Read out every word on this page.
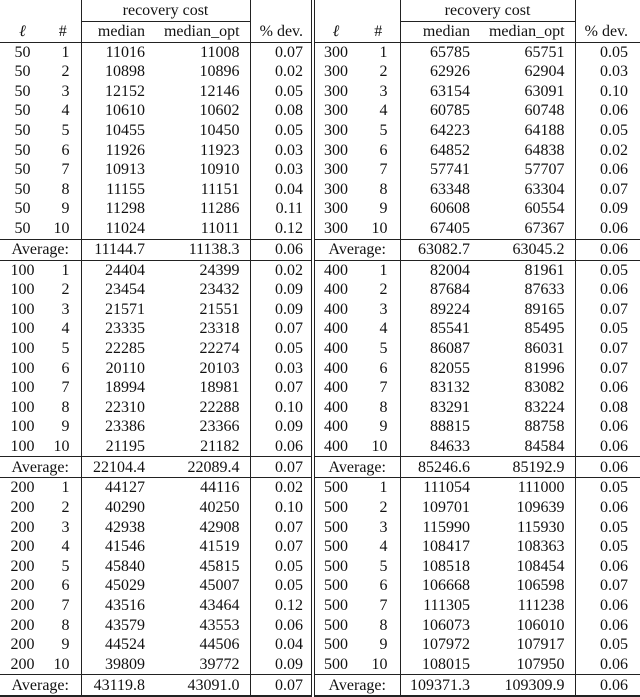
		recovery cost					recovery cost		
ℓ	#	median	median_opt	% dev.	ℓ	#	median	median_opt	% dev.
50	1	11016	11008	0.07	300	1	65785	65751	0.05
50	2	10898	10896	0.02	300	2	62926	62904	0.03
50	3	12152	12146	0.05	300	3	63154	63091	0.10
50	4	10610	10602	0.08	300	4	60785	60748	0.06
50	5	10455	10450	0.05	300	5	64223	64188	0.05
50	6	11926	11923	0.03	300	6	64852	64838	0.02
50	7	10913	10910	0.03	300	7	57741	57707	0.06
50	8	11155	11151	0.04	300	8	63348	63304	0.07
50	9	11298	11286	0.11	300	9	60608	60554	0.09
50	10	11024	11011	0.12	300	10	67405	67367	0.06
Average:		11144.7	11138.3	0.06	Average:		63082.7	63045.2	0.06
100	1	24404	24399	0.02	400	1	82004	81961	0.05
100	2	23454	23432	0.09	400	2	87684	87633	0.06
100	3	21571	21551	0.09	400	3	89224	89165	0.07
100	4	23335	23318	0.07	400	4	85541	85495	0.05
100	5	22285	22274	0.05	400	5	86087	86031	0.07
100	6	20110	20103	0.03	400	6	82055	81996	0.07
100	7	18994	18981	0.07	400	7	83132	83082	0.06
100	8	22310	22288	0.10	400	8	83291	83224	0.08
100	9	23386	23366	0.09	400	9	88815	88758	0.06
100	10	21195	21182	0.06	400	10	84633	84584	0.06
Average:		22104.4	22089.4	0.07	Average:		85246.6	85192.9	0.06
200	1	44127	44116	0.02	500	1	111054	111000	0.05
200	2	40290	40250	0.10	500	2	109701	109639	0.06
200	3	42938	42908	0.07	500	3	115990	115930	0.05
200	4	41546	41519	0.07	500	4	108417	108363	0.05
200	5	45840	45815	0.05	500	5	108518	108454	0.06
200	6	45029	45007	0.05	500	6	106668	106598	0.07
200	7	43516	43464	0.12	500	7	111305	111238	0.06
200	8	43579	43553	0.06	500	8	106073	106010	0.06
200	9	44524	44506	0.04	500	9	107972	107917	0.05
200	10	39809	39772	0.09	500	10	108015	107950	0.06
Average:		43119.8	43091.0	0.07	Average:		109371.3	109309.9	0.06
